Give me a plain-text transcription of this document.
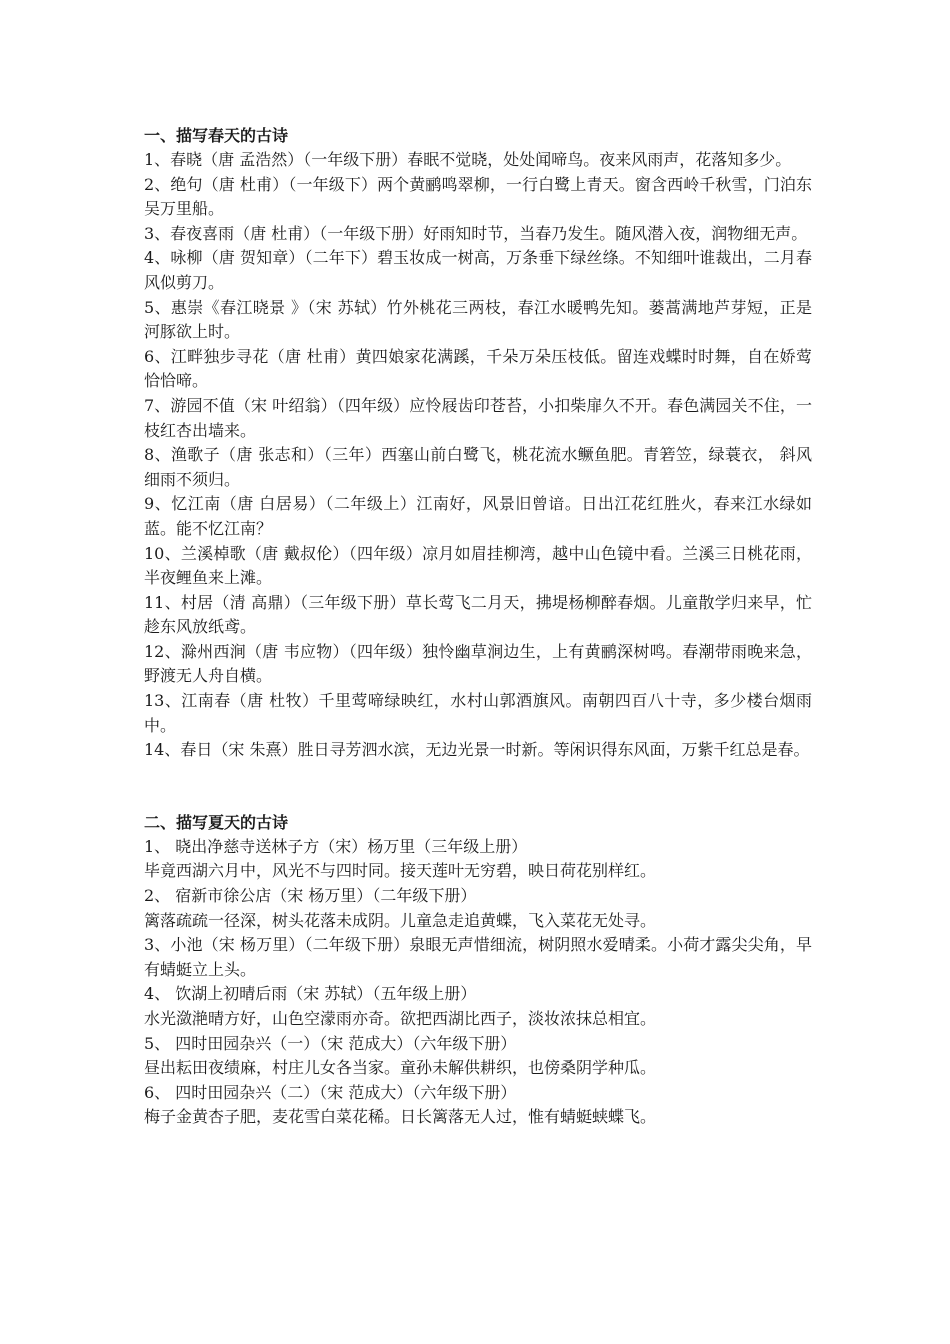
一、描写春天的古诗

1、春晓（唐 孟浩然）（一年级下册）春眠不觉晓，处处闻啼鸟。夜来风雨声，花落知多少。

2、绝句（唐 杜甫）（一年级下）两个黄鹂鸣翠柳，一行白鹭上青天。窗含西岭千秋雪，门泊东吴万里船。

3、春夜喜雨（唐 杜甫）（一年级下册）好雨知时节，当春乃发生。随风潜入夜，润物细无声。

4、咏柳（唐 贺知章）（二年下）碧玉妆成一树高，万条垂下绿丝绦。不知细叶谁裁出，二月春风似剪刀。

5、惠崇《春江晓景 》（宋 苏轼）竹外桃花三两枝，春江水暖鸭先知。蒌蒿满地芦芽短，正是河豚欲上时。

6、江畔独步寻花（唐 杜甫）黄四娘家花满蹊，千朵万朵压枝低。留连戏蝶时时舞，自在娇莺恰恰啼。

7、游园不值（宋 叶绍翁）（四年级）应怜屐齿印苍苔，小扣柴扉久不开。春色满园关不住，一枝红杏出墙来。

8、渔歌子（唐 张志和）（三年）西塞山前白鹭飞，桃花流水鳜鱼肥。青箬笠，绿蓑衣， 斜风细雨不须归。

9、忆江南（唐 白居易）（二年级上）江南好，风景旧曾谙。日出江花红胜火，春来江水绿如蓝。能不忆江南？

10、兰溪棹歌（唐 戴叔伦）（四年级）凉月如眉挂柳湾，越中山色镜中看。兰溪三日桃花雨，半夜鲤鱼来上滩。

11、村居（清 高鼎）（三年级下册）草长莺飞二月天，拂堤杨柳醉春烟。儿童散学归来早，忙趁东风放纸鸢。

12、滁州西涧（唐 韦应物）（四年级）独怜幽草涧边生，上有黄鹂深树鸣。春潮带雨晚来急，野渡无人舟自横。

13、江南春（唐 杜牧）千里莺啼绿映红，水村山郭酒旗风。南朝四百八十寺，多少楼台烟雨中。

14、春日（宋 朱熹）胜日寻芳泗水滨，无边光景一时新。等闲识得东风面，万紫千红总是春。

二、描写夏天的古诗

1、 晓出净慈寺送林子方（宋）杨万里（三年级上册）

毕竟西湖六月中，风光不与四时同。接天莲叶无穷碧，映日荷花别样红。

2、 宿新市徐公店（宋 杨万里）（二年级下册）

篱落疏疏一径深，树头花落未成阴。儿童急走追黄蝶，飞入菜花无处寻。

3、小池（宋 杨万里）（二年级下册）泉眼无声惜细流，树阴照水爱晴柔。小荷才露尖尖角，早有蜻蜓立上头。

4、 饮湖上初晴后雨（宋 苏轼）（五年级上册）

水光潋滟晴方好，山色空濛雨亦奇。欲把西湖比西子，淡妆浓抹总相宜。

5、 四时田园杂兴（一）（宋 范成大）（六年级下册）

昼出耘田夜绩麻，村庄儿女各当家。童孙未解供耕织，也傍桑阴学种瓜。

6、 四时田园杂兴（二）（宋 范成大）（六年级下册）

梅子金黄杏子肥，麦花雪白菜花稀。日长篱落无人过，惟有蜻蜓蛱蝶飞。
